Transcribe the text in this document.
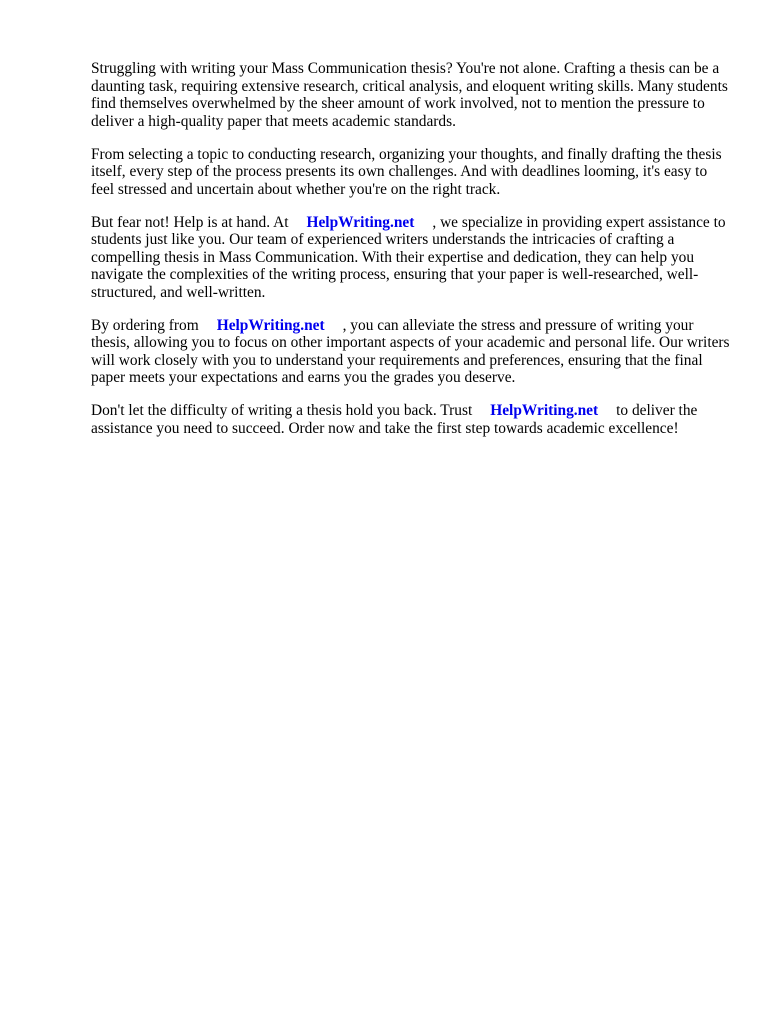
Struggling with writing your Mass Communication thesis? You're not alone. Crafting a thesis can be a daunting task, requiring extensive research, critical analysis, and eloquent writing skills. Many students find themselves overwhelmed by the sheer amount of work involved, not to mention the pressure to deliver a high-quality paper that meets academic standards.

From selecting a topic to conducting research, organizing your thoughts, and finally drafting the thesis itself, every step of the process presents its own challenges. And with deadlines looming, it's easy to feel stressed and uncertain about whether you're on the right track.

But fear not! Help is at hand. At HelpWriting.net , we specialize in providing expert assistance to students just like you. Our team of experienced writers understands the intricacies of crafting a compelling thesis in Mass Communication. With their expertise and dedication, they can help you navigate the complexities of the writing process, ensuring that your paper is well-researched, well-structured, and well-written.

By ordering from HelpWriting.net , you can alleviate the stress and pressure of writing your thesis, allowing you to focus on other important aspects of your academic and personal life. Our writers will work closely with you to understand your requirements and preferences, ensuring that the final paper meets your expectations and earns you the grades you deserve.

Don't let the difficulty of writing a thesis hold you back. Trust HelpWriting.net to deliver the assistance you need to succeed. Order now and take the first step towards academic excellence!
